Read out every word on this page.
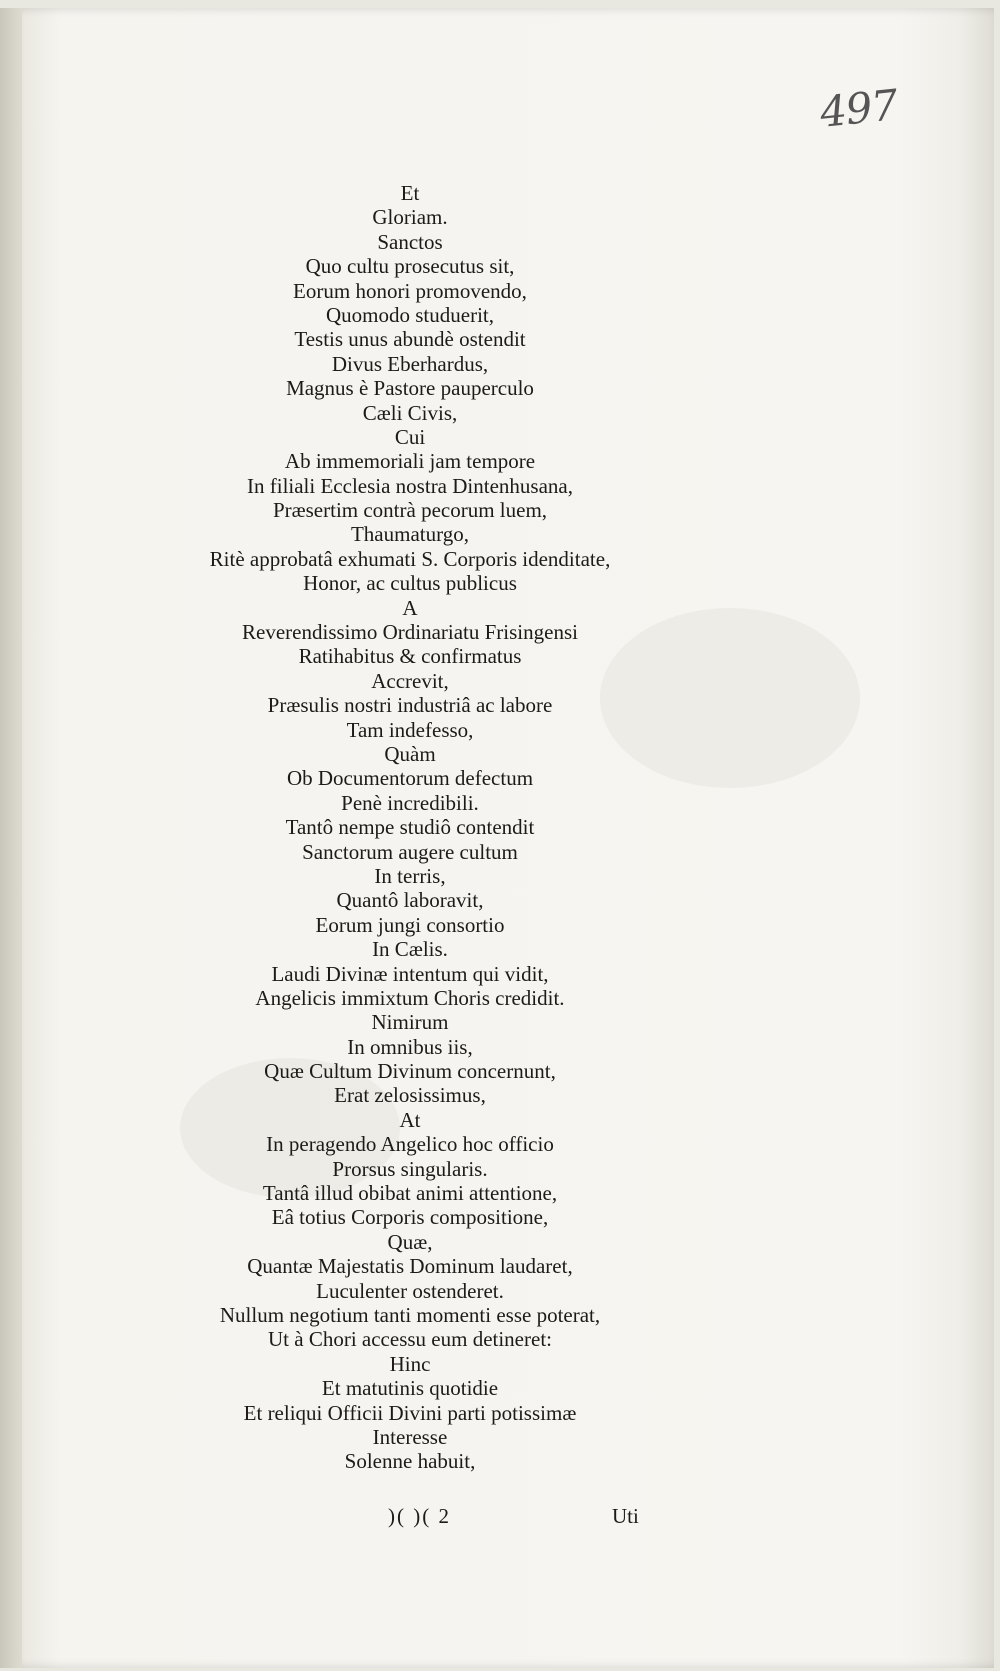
497
Et
Gloriam.
Sanctos
Quo cultu prosecutus sit,
Eorum honori promovendo,
Quomodo studuerit,
Testis unus abundè ostendit
Divus Eberhardus,
Magnus è Pastore pauperculo
Cæli Civis,
Cui
Ab immemoriali jam tempore
In filiali Ecclesia nostra Dintenhusana,
Præsertim contrà pecorum luem,
Thaumaturgo,
Ritè approbatâ exhumati S. Corporis idenditate,
Honor, ac cultus publicus
A
Reverendissimo Ordinariatu Frisingensi
Ratihabitus & confirmatus
Accrevit,
Præsulis nostri industriâ ac labore
Tam indefesso,
Quàm
Ob Documentorum defectum
Penè incredibili.
Tantô nempe studiô contendit
Sanctorum augere cultum
In terris,
Quantô laboravit,
Eorum jungi consortio
In Cælis.
Laudi Divinæ intentum qui vidit,
Angelicis immixtum Choris credidit.
Nimirum
In omnibus iis,
Quæ Cultum Divinum concernunt,
Erat zelosissimus,
At
In peragendo Angelico hoc officio
Prorsus singularis.
Tantâ illud obibat animi attentione,
Eâ totius Corporis compositione,
Quæ,
Quantæ Majestatis Dominum laudaret,
Luculenter ostenderet.
Nullum negotium tanti momenti esse poterat,
Ut à Chori accessu eum detineret:
Hinc
Et matutinis quotidie
Et reliqui Officii Divini parti potissimæ
Interesse
Solenne habuit,
)( )( 2	Uti
